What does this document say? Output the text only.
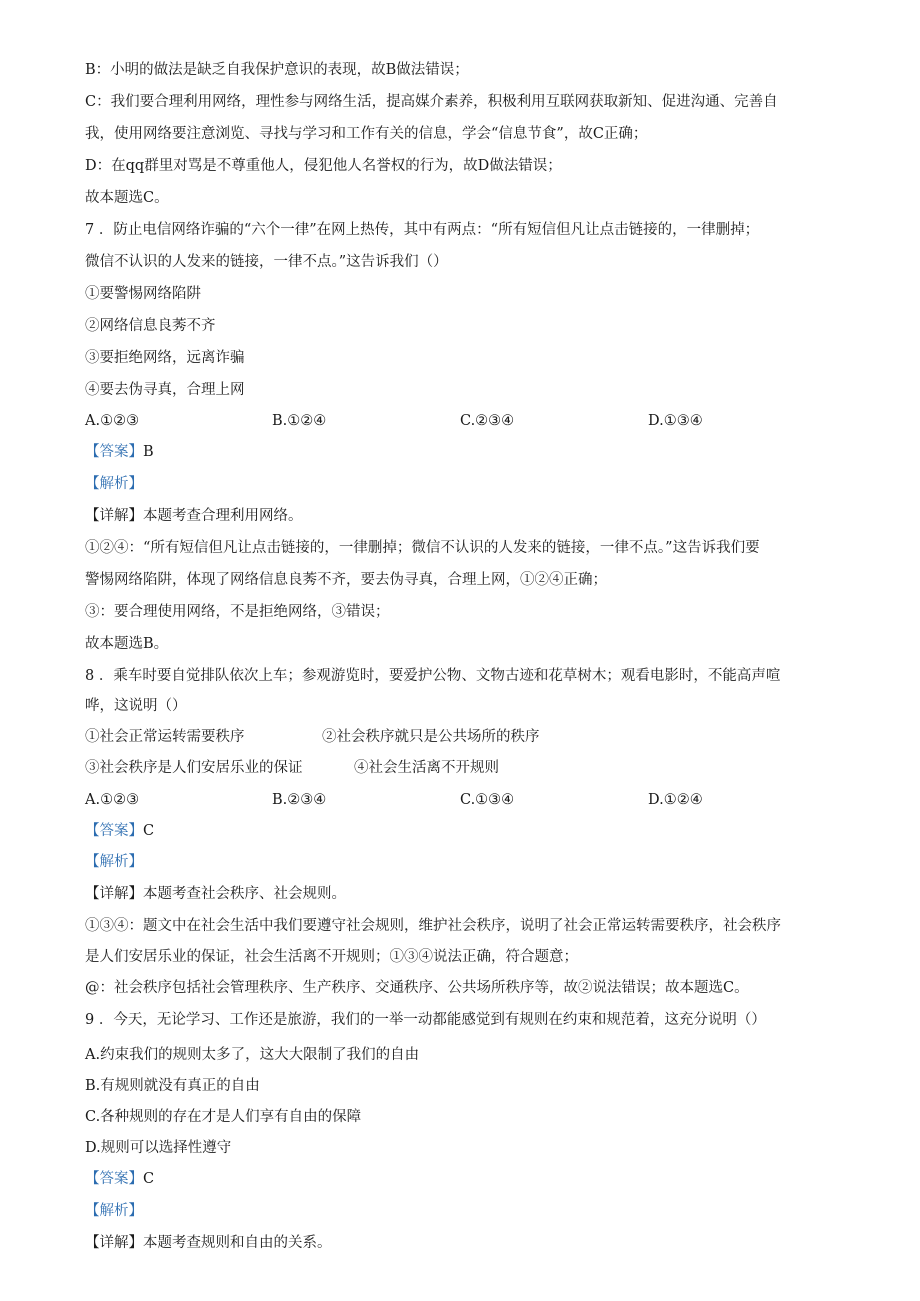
B：小明的做法是缺乏自我保护意识的表现，故B做法错误；
C：我们要合理利用网络，理性参与网络生活，提高媒介素养，积极利用互联网获取新知、促进沟通、完善自
我，使用网络要注意浏览、寻找与学习和工作有关的信息，学会“信息节食”，故C正确；
D：在qq群里对骂是不尊重他人，侵犯他人名誉权的行为，故D做法错误；
故本题选C。
7 ．防止电信网络诈骗的“六个一律”在网上热传，其中有两点：“所有短信但凡让点击链接的，一律删掉；
微信不认识的人发来的链接，一律不点。”这告诉我们（）
①要警惕网络陷阱
②网络信息良莠不齐
③要拒绝网络，远离诈骗
④要去伪寻真，合理上网
A.①②③	B.①②④	C.②③④	D.①③④
【答案】B
【解析】
【详解】本题考查合理利用网络。
①②④：“所有短信但凡让点击链接的，一律删掉；微信不认识的人发来的链接，一律不点。”这告诉我们要
警惕网络陷阱，体现了网络信息良莠不齐，要去伪寻真，合理上网，①②④正确；
③：要合理使用网络，不是拒绝网络，③错误；
故本题选B。
8 ．乘车时要自觉排队依次上车；参观游览时，要爱护公物、文物古迹和花草树木；观看电影时，不能高声喧
哗，这说明（）
①社会正常运转需要秩序	②社会秩序就只是公共场所的秩序
③社会秩序是人们安居乐业的保证	④社会生活离不开规则
A.①②③	B.②③④	C.①③④	D.①②④
【答案】C
【解析】
【详解】本题考查社会秩序、社会规则。
①③④：题文中在社会生活中我们要遵守社会规则，维护社会秩序，说明了社会正常运转需要秩序，社会秩序
是人们安居乐业的保证，社会生活离不开规则；①③④说法正确，符合题意；
@：社会秩序包括社会管理秩序、生产秩序、交通秩序、公共场所秩序等，故②说法错误；故本题选C。
9 ．今天，无论学习、工作还是旅游，我们的一举一动都能感觉到有规则在约束和规范着，这充分说明（）
A.约束我们的规则太多了，这大大限制了我们的自由
B.有规则就没有真正的自由
C.各种规则的存在才是人们享有自由的保障
D.规则可以选择性遵守
【答案】C
【解析】
【详解】本题考查规则和自由的关系。
